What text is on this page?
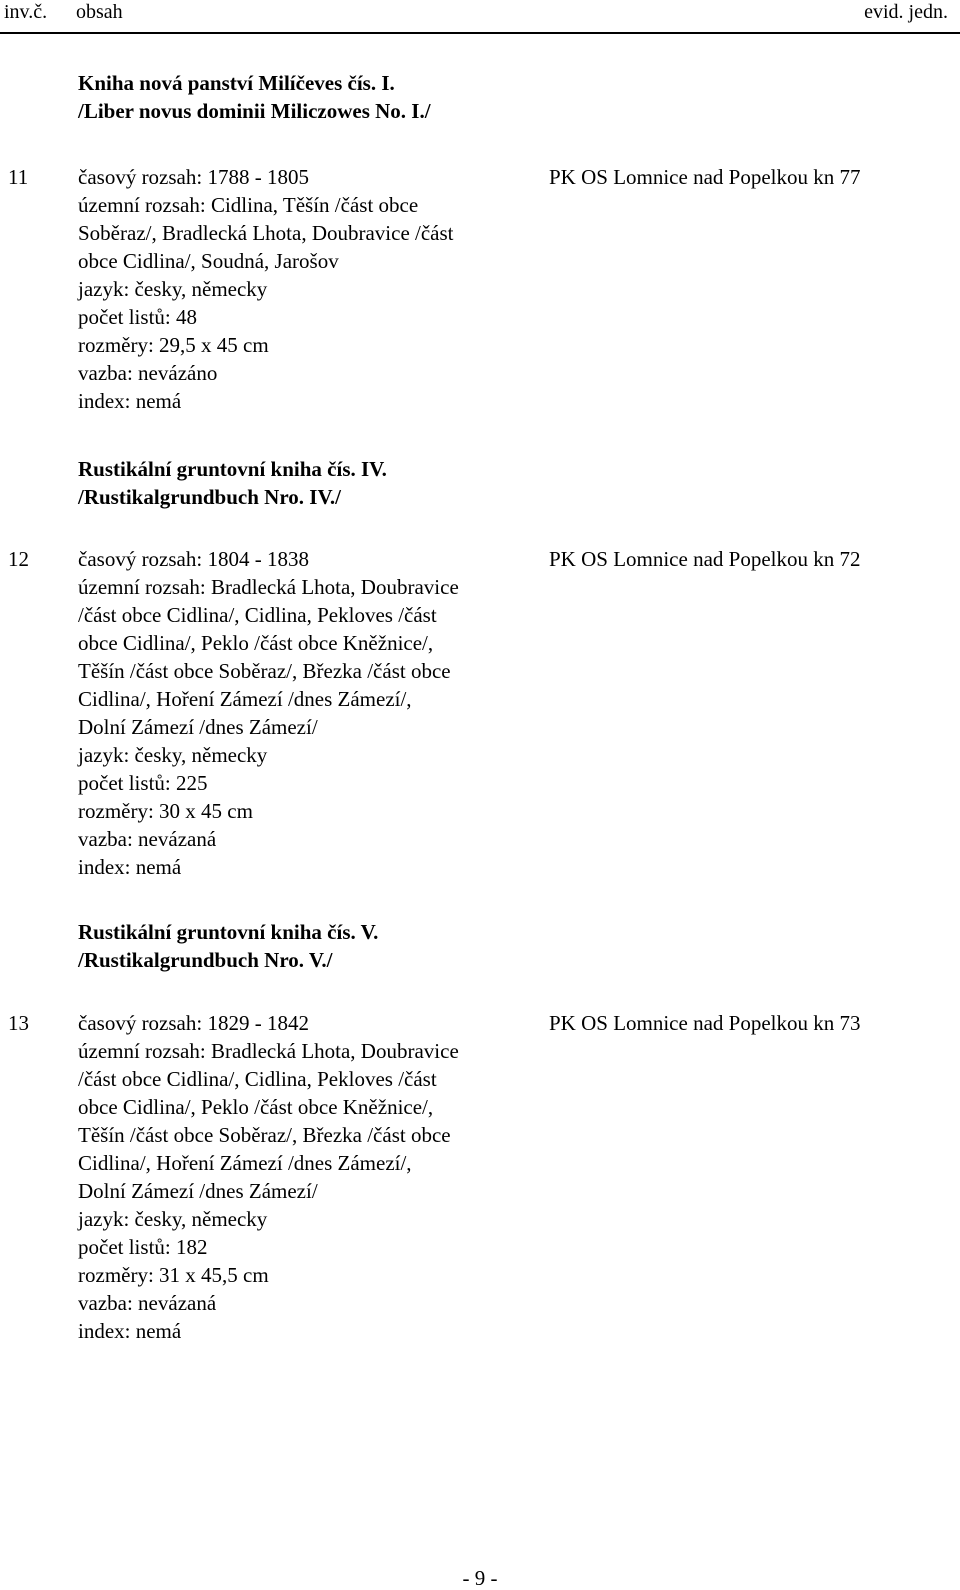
inv.č. obsah	evid. jedn.
Kniha nová panství Milíčeves čís. I.
/Liber novus dominii Miliczowes No. I./
11 časový rozsah: 1788 - 1805
územní rozsah: Cidlina, Těšín /část obce
Soběraz/, Bradlecká Lhota, Doubravice /část
obce Cidlina/, Soudná, Jarošov
jazyk: česky, německy
počet listů: 48
rozměry: 29,5 x 45 cm
vazba: nevázáno
index: nemá
PK OS Lomnice nad Popelkou kn 77
Rustikální gruntovní kniha čís. IV.
/Rustikalgrundbuch Nro. IV./
12 časový rozsah: 1804 - 1838
územní rozsah: Bradlecká Lhota, Doubravice
/část obce Cidlina/, Cidlina, Pekloves /část
obce Cidlina/, Peklo /část obce Kněžnice/,
Těšín /část obce Soběraz/, Březka /část obce
Cidlina/, Hoření Zámezí /dnes Zámezí/,
Dolní Zámezí /dnes Zámezí/
jazyk: česky, německy
počet listů: 225
rozměry: 30 x 45 cm
vazba: nevázaná
index: nemá
PK OS Lomnice nad Popelkou kn 72
Rustikální gruntovní kniha čís. V.
/Rustikalgrundbuch Nro. V./
13 časový rozsah: 1829 - 1842
územní rozsah: Bradlecká Lhota, Doubravice
/část obce Cidlina/, Cidlina, Pekloves /část
obce Cidlina/, Peklo /část obce Kněžnice/,
Těšín /část obce Soběraz/, Březka /část obce
Cidlina/, Hoření Zámezí /dnes Zámezí/,
Dolní Zámezí /dnes Zámezí/
jazyk: česky, německy
počet listů: 182
rozměry: 31 x 45,5 cm
vazba: nevázaná
index: nemá
PK OS Lomnice nad Popelkou kn 73
- 9 -
